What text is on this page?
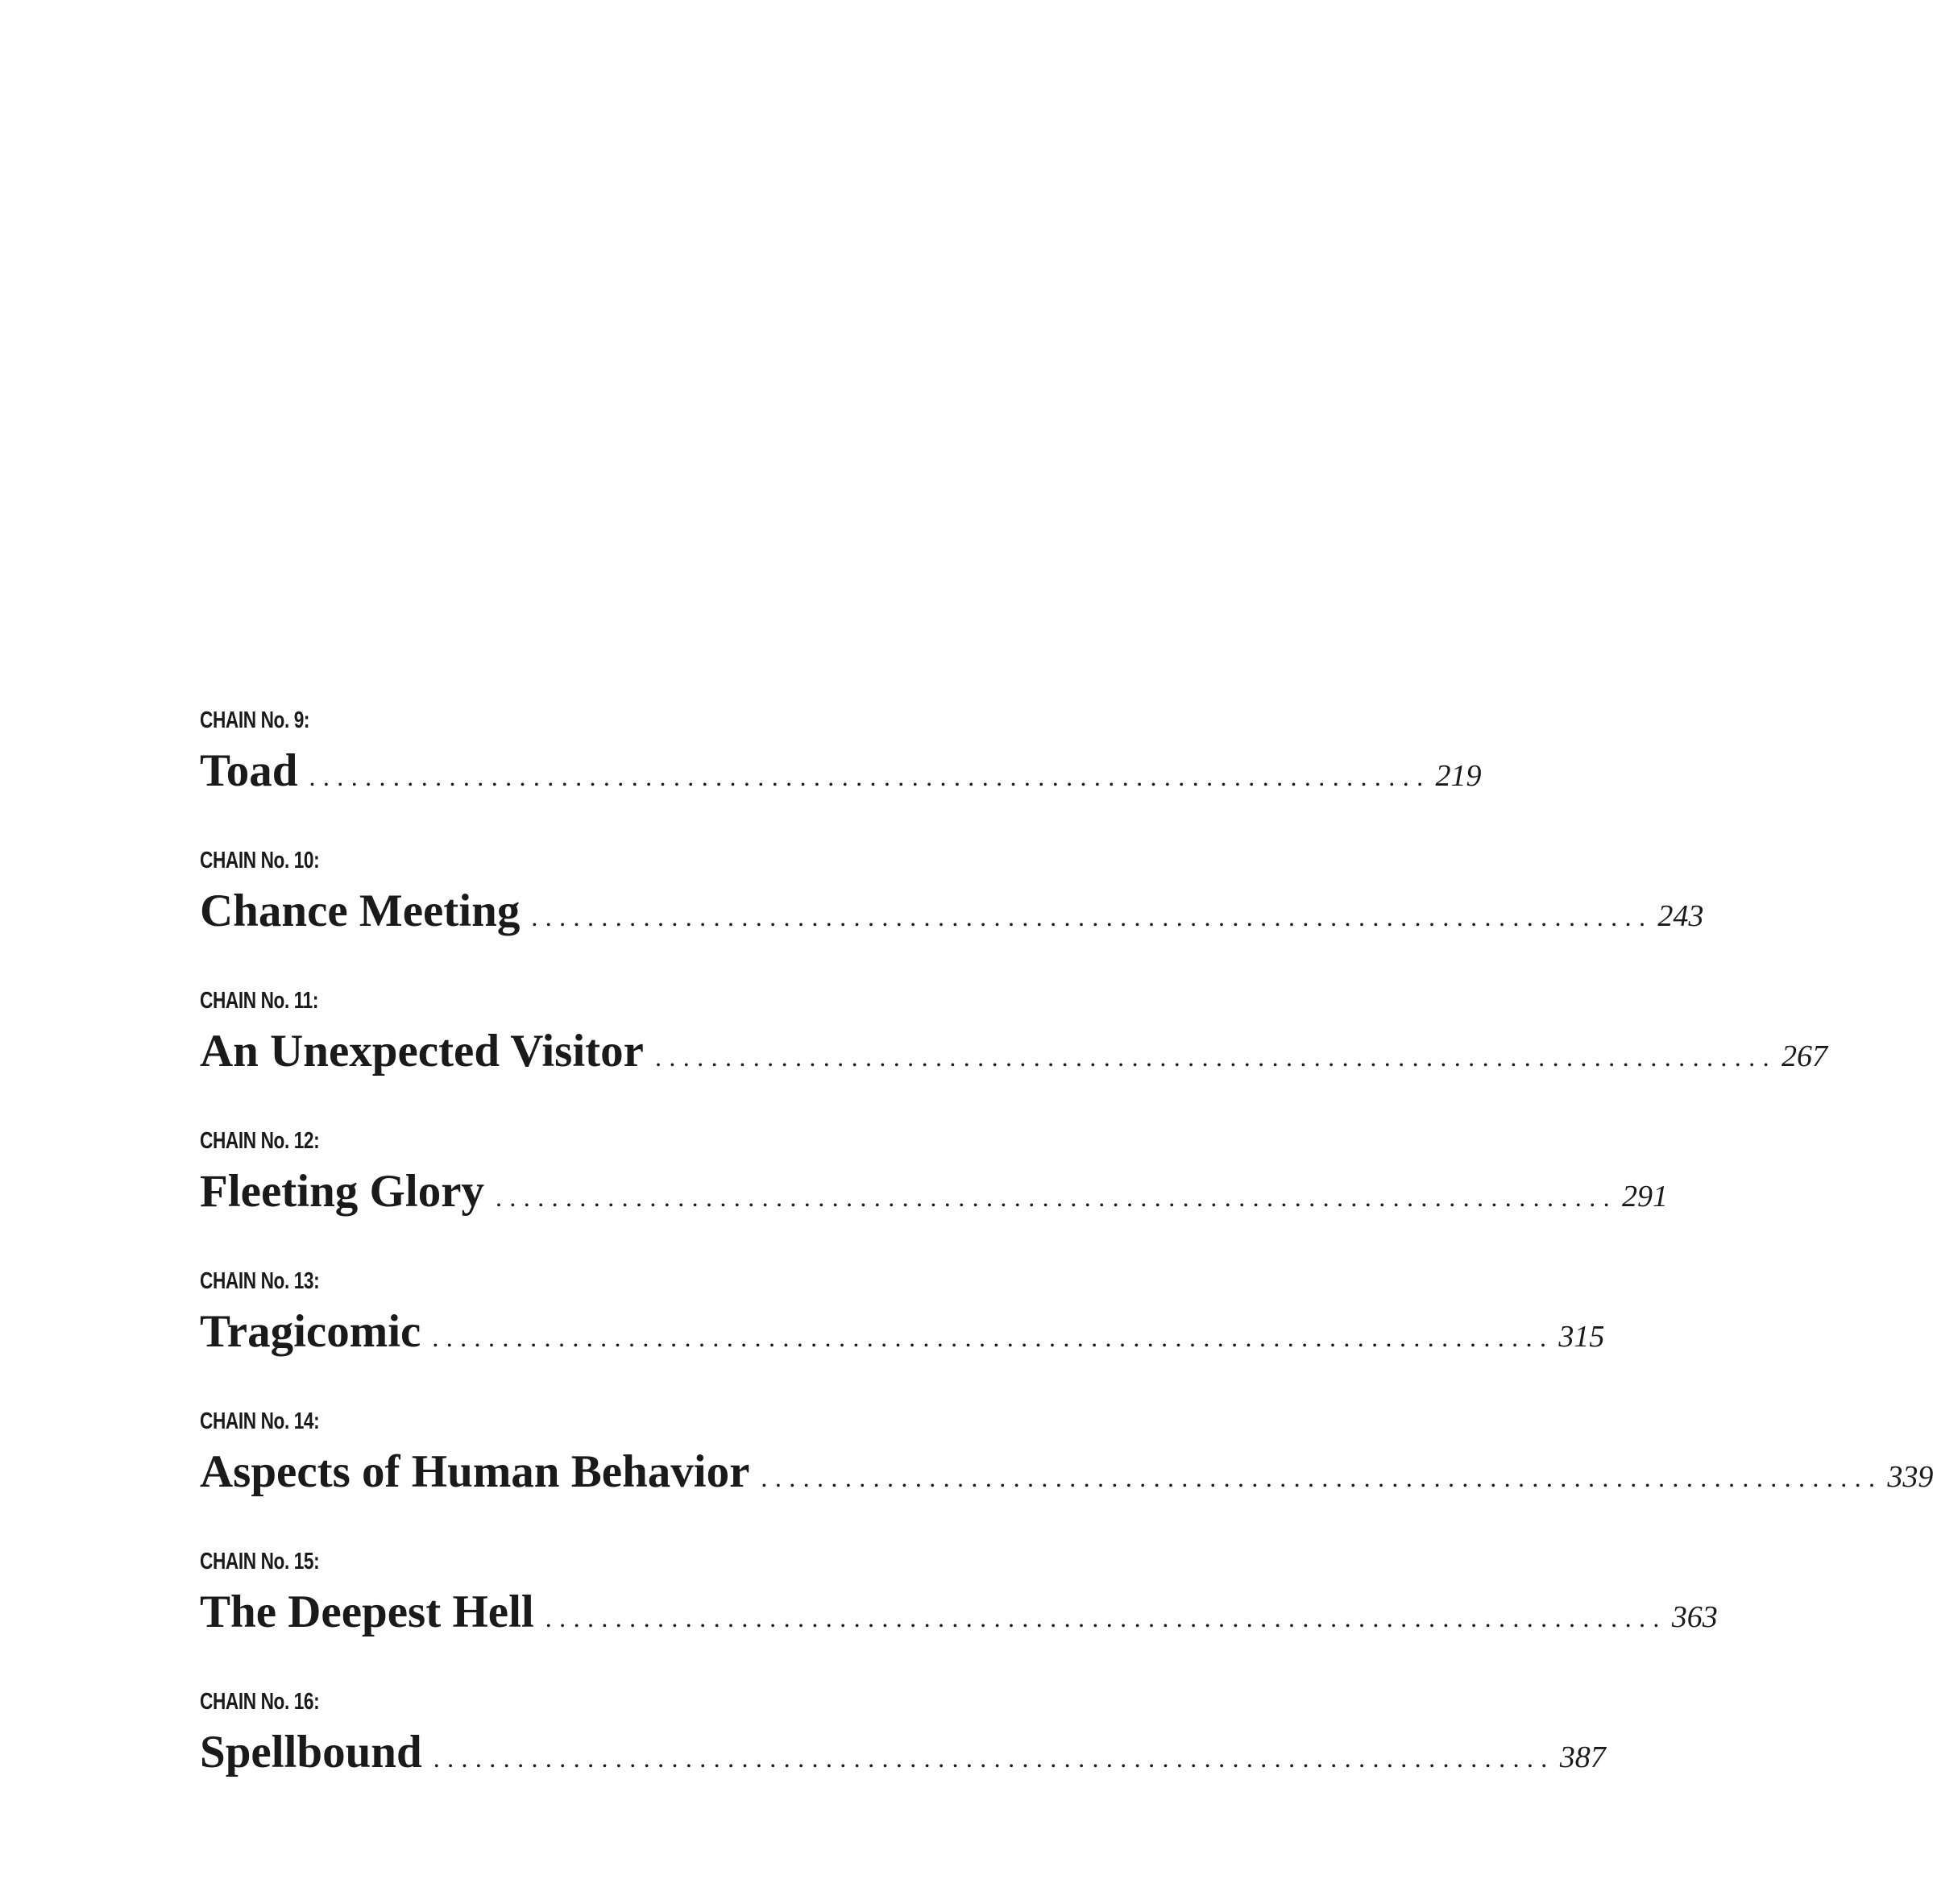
CHAIN No. 9:
Toad ................................................................................ 219
CHAIN No. 10:
Chance Meeting ................................................................................ 243
CHAIN No. 11:
An Unexpected Visitor ................................................................................ 267
CHAIN No. 12:
Fleeting Glory ................................................................................ 291
CHAIN No. 13:
Tragicomic ................................................................................ 315
CHAIN No. 14:
Aspects of Human Behavior ................................................................................ 339
CHAIN No. 15:
The Deepest Hell ................................................................................ 363
CHAIN No. 16:
Spellbound ................................................................................ 387
